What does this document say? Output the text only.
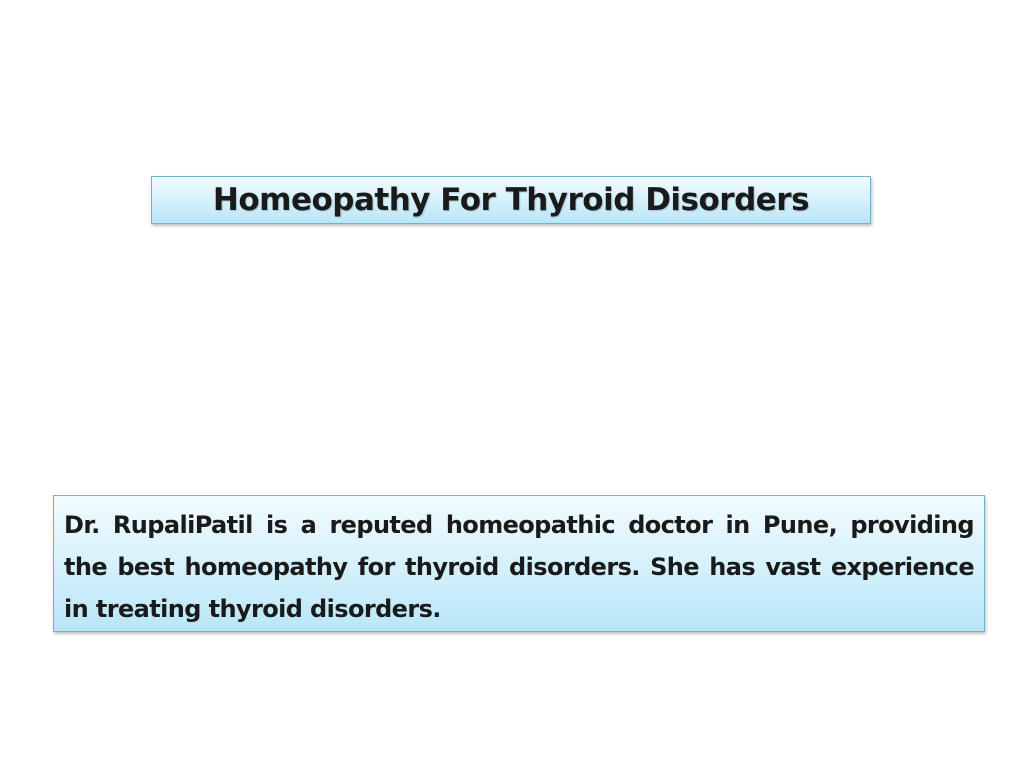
Homeopathy For Thyroid Disorders

Dr. RupaliPatil is a reputed homeopathic doctor in Pune, providing the best homeopathy for thyroid disorders. She has vast experience in treating thyroid disorders.
